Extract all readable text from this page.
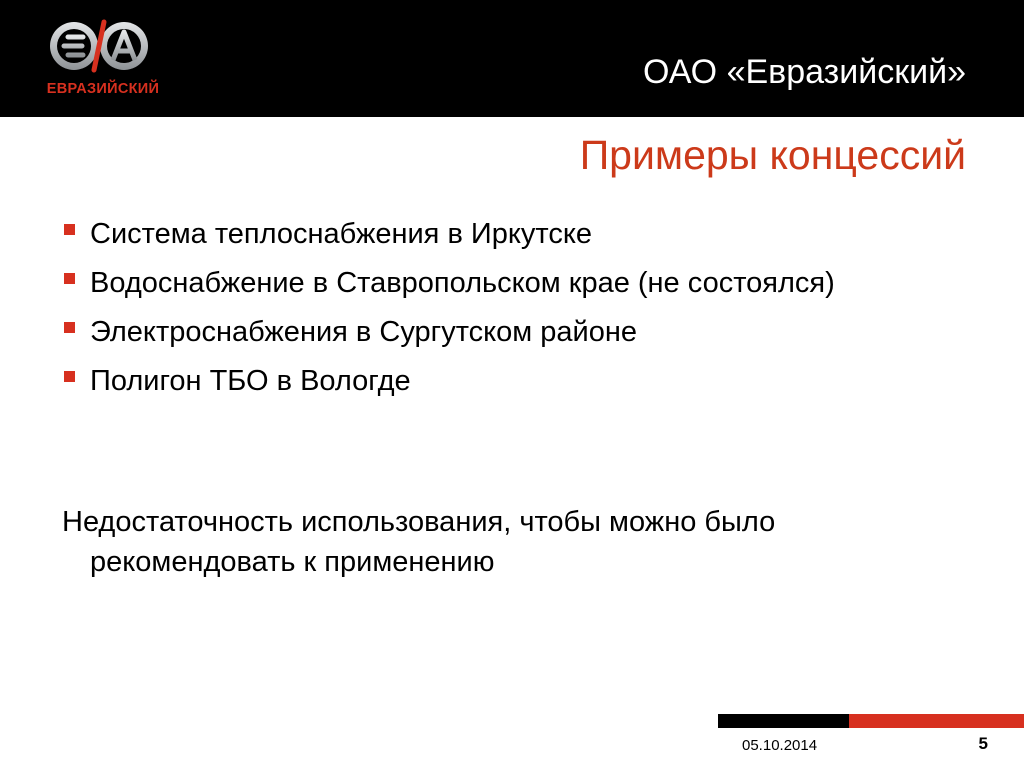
ЕВРАЗИЙСКИЙ	ОАО «Евразийский»
Примеры концессий
Система теплоснабжения в Иркутске
Водоснабжение в Ставропольском крае (не состоялся)
Электроснабжения в Сургутском районе
Полигон ТБО в Вологде
Недостаточность использования, чтобы можно было рекомендовать к применению
05.10.2014	5
